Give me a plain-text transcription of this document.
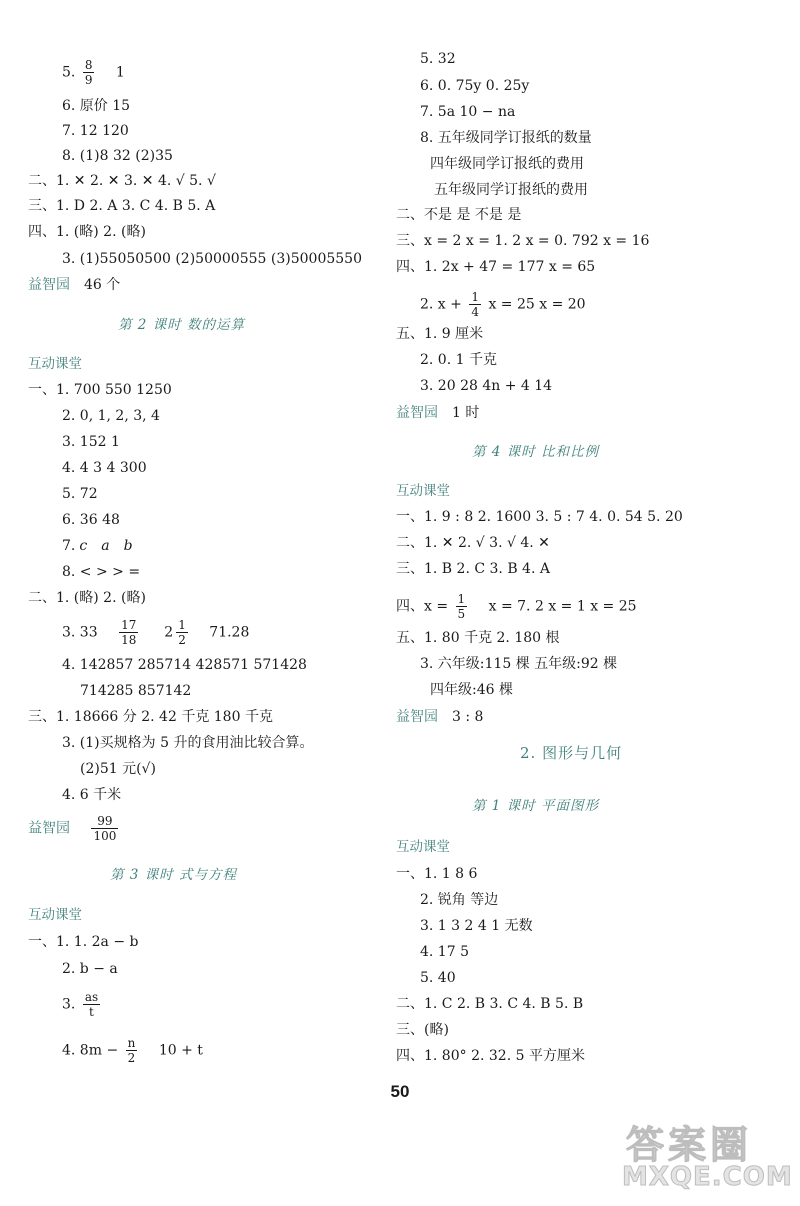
5. $\frac{8}{9} 1$
6. 原价 15
7. 12 120
8. (1)8 32 (2)35
二、1. ✕ 2. ✕ 3. ✕ 4. √ 5. √
三、1. D 2. A 3. C 4. B 5. A
四、1. (略) 2. (略)
3. (1)55050500 (2)50000555 (3)50005550
益智园 46 个
第 2 课时 数的运算
互动课堂
一、1. 700 550 1250
2. 0, 1, 2, 3, 4
3. 152 1
4. 4 3 4 300
5. 72
6. 36 48
7. c a b
8. < > > =
二、1. (略) 2. (略)
3. $33 \frac{17}{18} 2 \frac{1}{2} 71.28$
4. 142857 285714 428571 571428
714285 857142
三、1. 18666 分 2. 42 千克 180 千克
3. (1)买规格为 5 升的食用油比较合算。
(2)51 元(√)
4. 6 千米
益智园 $\frac{99}{100}$
第 3 课时 式与方程
互动课堂
一、1. 1. 2a − b
2. b − a
3. $\frac{as}{t}$
4. $8m - \frac{n}{2} 10 + t$
5. 32
6. 0. 75y 0. 25y
7. 5a 10 − na
8. 五年级同学订报纸的数量
四年级同学订报纸的费用
五年级同学订报纸的费用
二、不是 是 不是 是
三、x = 2 x = 1. 2 x = 0. 792 x = 16
四、1. 2x + 47 = 177 x = 65
2. $x + \frac{1}{4}$ x = 25 x = 20
五、1. 9 厘米
2. 0. 1 千克
3. 20 28 4n + 4 14
益智园 1 时
第 4 课时 比和比例
互动课堂
一、1. 9 : 8 2. 1600 3. 5 : 7 4. 0. 54 5. 20
二、1. ✕ 2. √ 3. √ 4. ✕
三、1. B 2. C 3. B 4. A
四、$x = \frac{1}{5}$ x = 7. 2 x = 1 x = 25
五、1. 80 千克 2. 180 根
3. 六年级:115 棵 五年级:92 棵
四年级:46 棵
益智园 3 : 8
2. 图形与几何
第 1 课时 平面图形
互动课堂
一、1. 1 8 6
2. 锐角 等边
3. 1 3 2 4 1 无数
4. 17 5
5. 40
二、1. C 2. B 3. C 4. B 5. B
三、(略)
四、1. 80° 2. 32. 5 平方厘米
50
答案圈
MXQE.COM
